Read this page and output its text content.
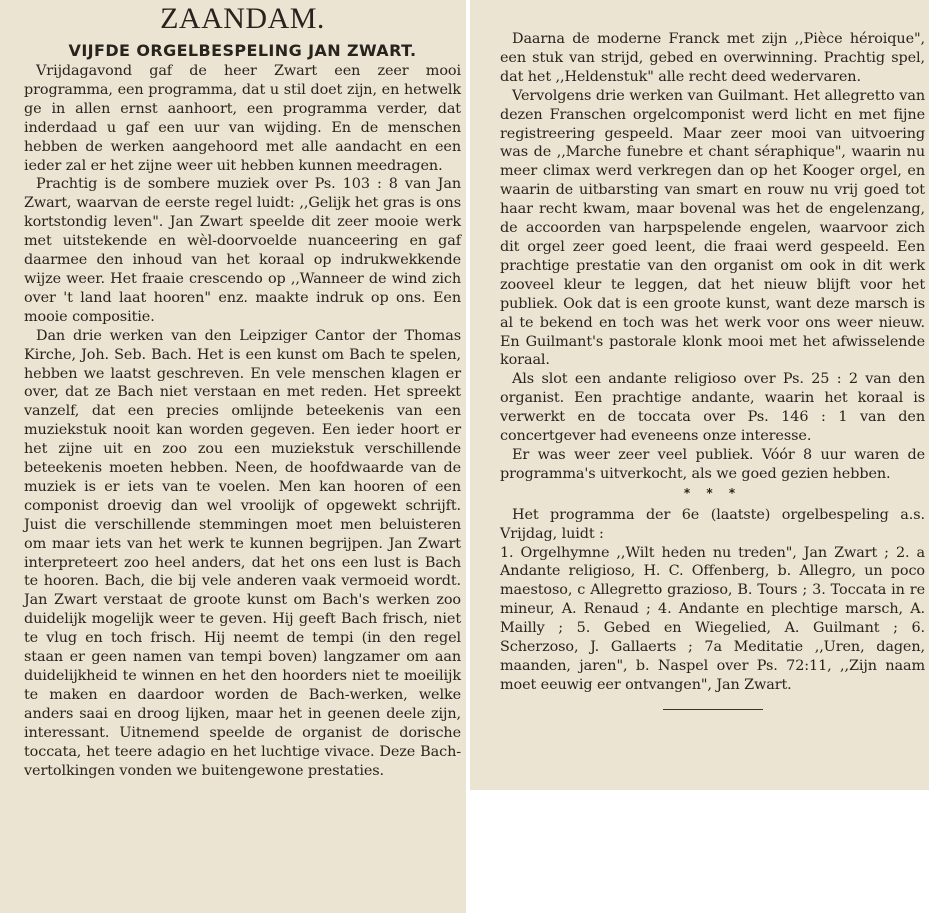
ZAANDAM.
VIJFDE ORGELBESPELING JAN ZWART.

Vrijdagavond gaf de heer Zwart een zeer mooi programma, een programma, dat u stil doet zijn, en hetwelk ge in allen ernst aanhoort, een programma verder, dat inderdaad u gaf een uur van wijding. En de menschen hebben de werken aangehoord met alle aandacht en een ieder zal er het zijne weer uit hebben kunnen meedragen.

Prachtig is de sombere muziek over Ps. 103 : 8 van Jan Zwart, waarvan de eerste regel luidt: ,,Gelijk het gras is ons kortstondig leven". Jan Zwart speelde dit zeer mooie werk met uitstekende en wèl-doorvoelde nuanceering en gaf daarmee den inhoud van het koraal op indrukwekkende wijze weer. Het fraaie crescendo op ,,Wanneer de wind zich over 't land laat hooren" enz. maakte indruk op ons. Een mooie compositie.

Dan drie werken van den Leipziger Cantor der Thomas Kirche, Joh. Seb. Bach. Het is een kunst om Bach te spelen, hebben we laatst geschreven. En vele menschen klagen er over, dat ze Bach niet verstaan en met reden. Het spreekt vanzelf, dat een precies omlijnde beteekenis van een muziekstuk nooit kan worden gegeven. Een ieder hoort er het zijne uit en zoo zou een muziekstuk verschillende beteekenis moeten hebben. Neen, de hoofdwaarde van de muziek is er iets van te voelen. Men kan hooren of een componist droevig dan wel vroolijk of opgewekt schrijft. Juist die verschillende stemmingen moet men beluisteren om maar iets van het werk te kunnen begrijpen. Jan Zwart interpreteert zoo heel anders, dat het ons een lust is Bach te hooren. Bach, die bij vele anderen vaak vermoeid wordt. Jan Zwart verstaat de groote kunst om Bach's werken zoo duidelijk mogelijk weer te geven. Hij geeft Bach frisch, niet te vlug en toch frisch. Hij neemt de tempi (in den regel staan er geen namen van tempi boven) langzamer om aan duidelijkheid te winnen en het den hoorders niet te moeilijk te maken en daardoor worden de Bach-werken, welke anders saai en droog lijken, maar het in geenen deele zijn, interessant. Uitnemend speelde de organist de dorische toccata, het teere adagio en het luchtige vivace. Deze Bach-vertolkingen vonden we buitengewone prestaties.

Daarna de moderne Franck met zijn ,,Pièce héroique", een stuk van strijd, gebed en overwinning. Prachtig spel, dat het ,,Heldenstuk" alle recht deed wedervaren.

Vervolgens drie werken van Guilmant. Het allegretto van dezen Franschen orgelcomponist werd licht en met fijne registreering gespeeld. Maar zeer mooi van uitvoering was de ,,Marche funebre et chant séraphique", waarin nu meer climax werd verkregen dan op het Kooger orgel, en waarin de uitbarsting van smart en rouw nu vrij goed tot haar recht kwam, maar bovenal was het de engelenzang, de accoorden van harpspelende engelen, waarvoor zich dit orgel zeer goed leent, die fraai werd gespeeld. Een prachtige prestatie van den organist om ook in dit werk zooveel kleur te leggen, dat het nieuw blijft voor het publiek. Ook dat is een groote kunst, want deze marsch is al te bekend en toch was het werk voor ons weer nieuw. En Guilmant's pastorale klonk mooi met het afwisselende koraal.

Als slot een andante religioso over Ps. 25 : 2 van den organist. Een prachtige andante, waarin het koraal is verwerkt en de toccata over Ps. 146 : 1 van den concertgever had eveneens onze interesse.

Er was weer zeer veel publiek. Vóór 8 uur waren de programma's uitverkocht, als we goed gezien hebben.

* * *

Het programma der 6e (laatste) orgelbespeling a.s. Vrijdag, luidt :

1. Orgelhymne ,,Wilt heden nu treden", Jan Zwart ; 2. a Andante religioso, H. C. Offenberg, b. Allegro, un poco maestoso, c Allegretto grazioso, B. Tours ; 3. Toccata in re mineur, A. Renaud ; 4. Andante en plechtige marsch, A. Mailly ; 5. Gebed en Wiegelied, A. Guilmant ; 6. Scherzoso, J. Gallaerts ; 7a Meditatie ,,Uren, dagen, maanden, jaren", b. Naspel over Ps. 72:11, ,,Zijn naam moet eeuwig eer ontvangen", Jan Zwart.
